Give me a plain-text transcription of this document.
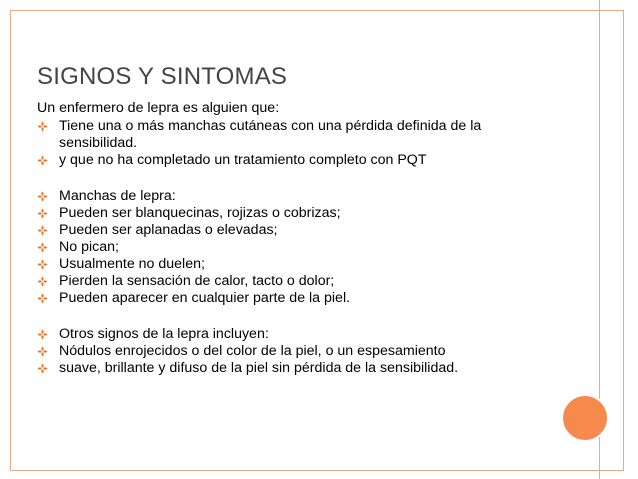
SIGNOS Y SINTOMAS

Un enfermero de lepra es alguien que:

Tiene una o más manchas cutáneas con una pérdida definida de la sensibilidad.
y que no ha completado un tratamiento completo con PQT
Manchas de lepra:
Pueden ser blanquecinas, rojizas o cobrizas;
Pueden ser aplanadas o elevadas;
No pican;
Usualmente no duelen;
Pierden la sensación de calor, tacto o dolor;
Pueden aparecer en cualquier parte de la piel.
Otros signos de la lepra incluyen:
Nódulos enrojecidos o del color de la piel, o un espesamiento
suave, brillante y difuso de la piel sin pérdida de la sensibilidad.
